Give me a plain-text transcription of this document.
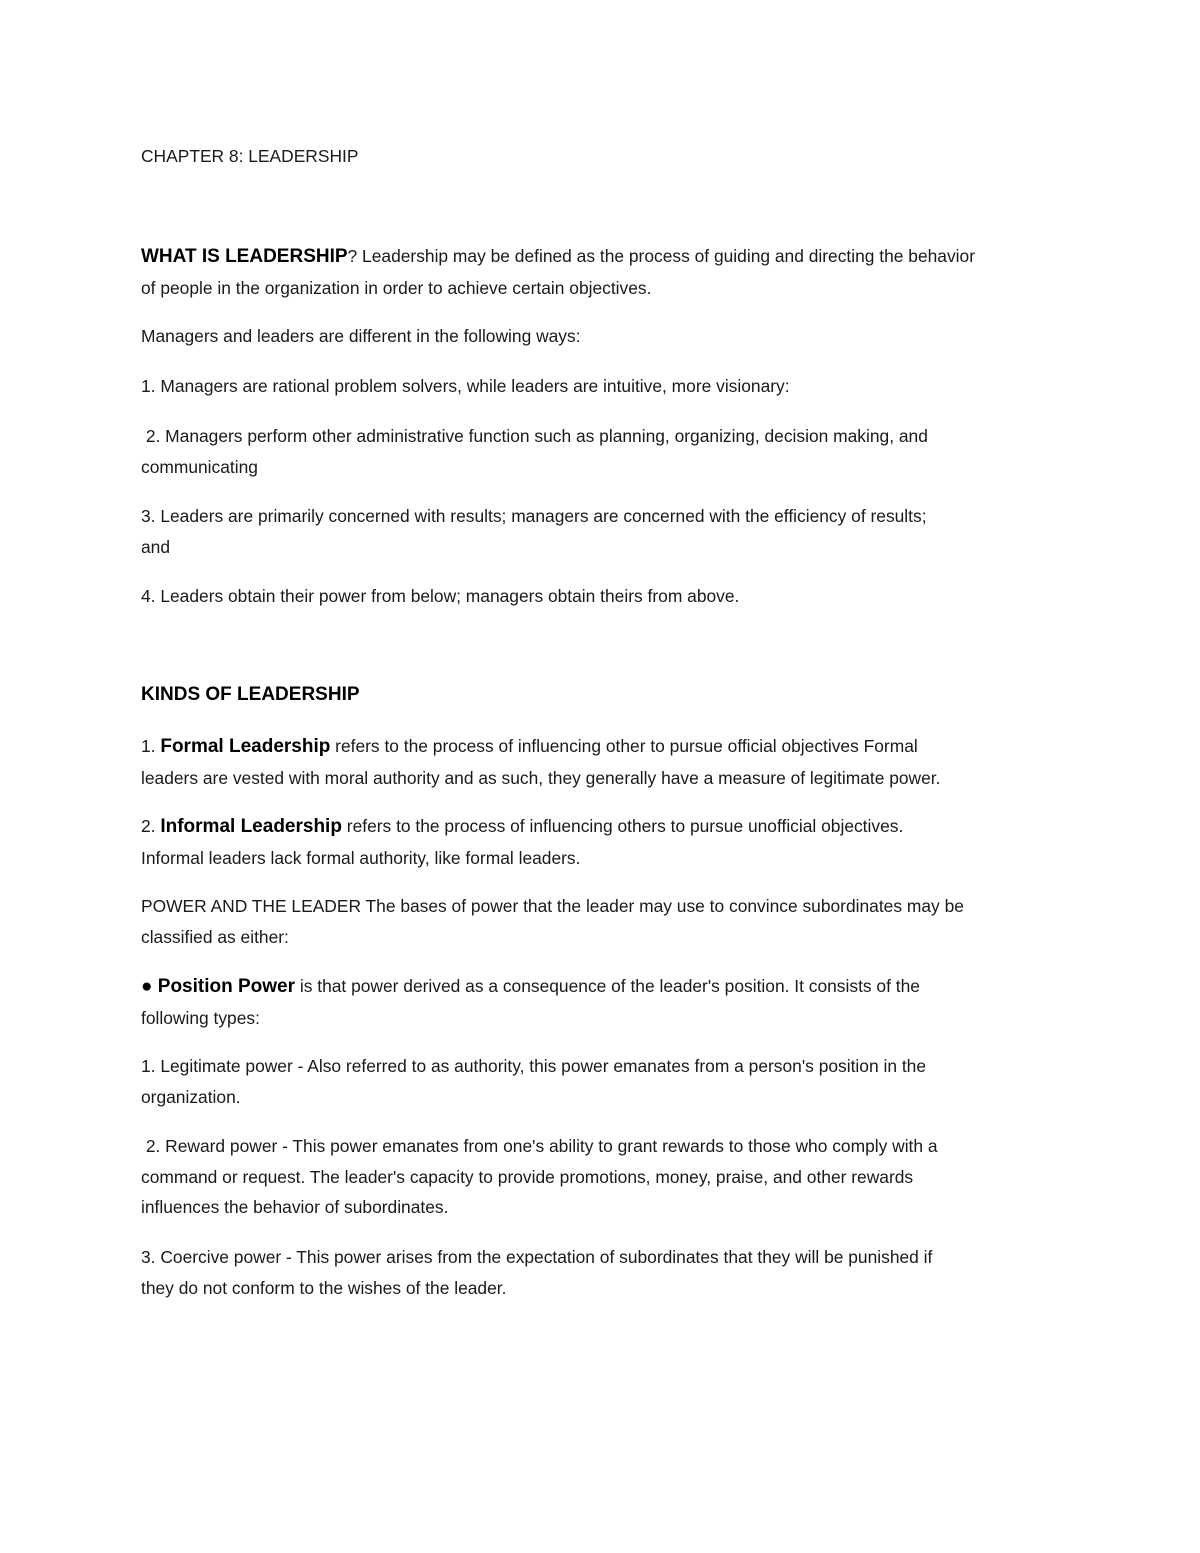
CHAPTER 8: LEADERSHIP

WHAT IS LEADERSHIP? Leadership may be defined as the process of guiding and directing the behavior
of people in the organization in order to achieve certain objectives.

Managers and leaders are different in the following ways:

1. Managers are rational problem solvers, while leaders are intuitive, more visionary:

2. Managers perform other administrative function such as planning, organizing, decision making, and
communicating

3. Leaders are primarily concerned with results; managers are concerned with the efficiency of results;
and

4. Leaders obtain their power from below; managers obtain theirs from above.

KINDS OF LEADERSHIP

1. Formal Leadership refers to the process of influencing other to pursue official objectives Formal
leaders are vested with moral authority and as such, they generally have a measure of legitimate power.

2. Informal Leadership refers to the process of influencing others to pursue unofficial objectives.
Informal leaders lack formal authority, like formal leaders.

POWER AND THE LEADER The bases of power that the leader may use to convince subordinates may be
classified as either:

● Position Power is that power derived as a consequence of the leader's position. It consists of the
following types:

1. Legitimate power - Also referred to as authority, this power emanates from a person's position in the
organization.

2. Reward power - This power emanates from one's ability to grant rewards to those who comply with a
command or request. The leader's capacity to provide promotions, money, praise, and other rewards
influences the behavior of subordinates.

3. Coercive power - This power arises from the expectation of subordinates that they will be punished if
they do not conform to the wishes of the leader.
